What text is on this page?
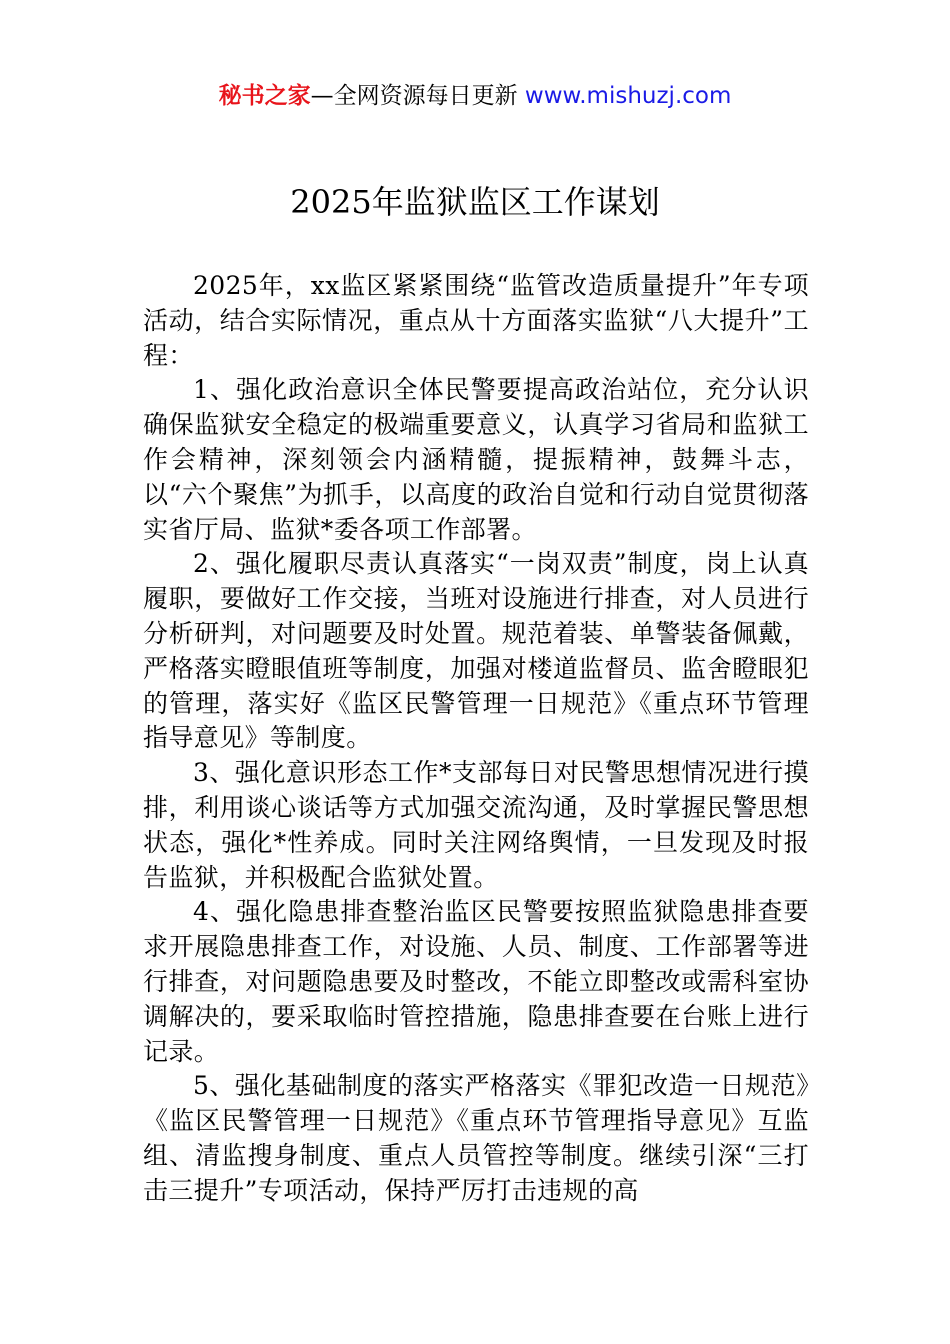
秘书之家—全网资源每日更新 www.mishuzj.com
2025年监狱监区工作谋划

2025年，xx监区紧紧围绕“监管改造质量提升”年专项活动，结合实际情况，重点从十方面落实监狱“八大提升”工程：

1、强化政治意识全体民警要提高政治站位，充分认识确保监狱安全稳定的极端重要意义，认真学习省局和监狱工作会精神，深刻领会内涵精髓，提振精神，鼓舞斗志，以“六个聚焦”为抓手，以高度的政治自觉和行动自觉贯彻落实省厅局、监狱*委各项工作部署。

2、强化履职尽责认真落实“一岗双责”制度，岗上认真履职，要做好工作交接，当班对设施进行排查，对人员进行分析研判，对问题要及时处置。规范着装、单警装备佩戴，严格落实瞪眼值班等制度，加强对楼道监督员、监舍瞪眼犯的管理，落实好《监区民警管理一日规范》《重点环节管理指导意见》等制度。

3、强化意识形态工作*支部每日对民警思想情况进行摸排，利用谈心谈话等方式加强交流沟通，及时掌握民警思想状态，强化*性养成。同时关注网络舆情，一旦发现及时报告监狱，并积极配合监狱处置。

4、强化隐患排查整治监区民警要按照监狱隐患排查要求开展隐患排查工作，对设施、人员、制度、工作部署等进行排查，对问题隐患要及时整改，不能立即整改或需科室协调解决的，要采取临时管控措施，隐患排查要在台账上进行记录。

5、强化基础制度的落实严格落实《罪犯改造一日规范》《监区民警管理一日规范》《重点环节管理指导意见》互监组、清监搜身制度、重点人员管控等制度。继续引深“三打击三提升”专项活动，保持严厉打击违规的高
